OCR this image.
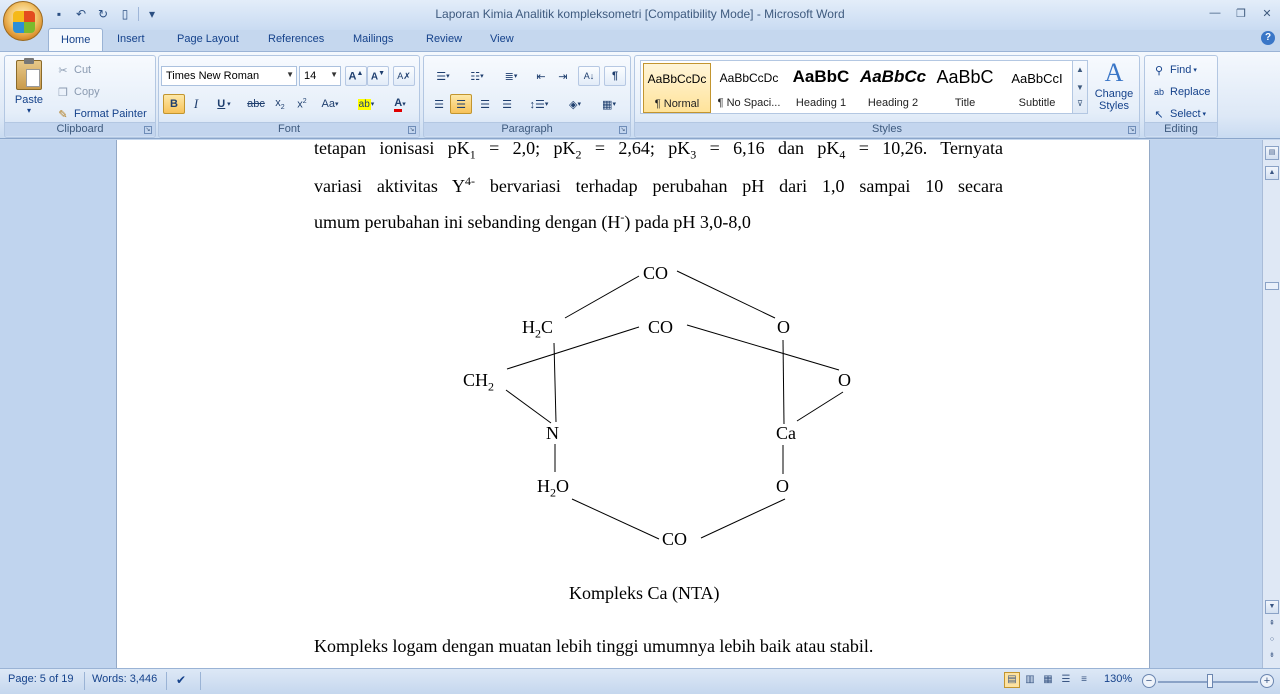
▪	↶ ↻	▯	▾	Laporan Kimia Analitik kompleksometri [Compatibility Mode] - Microsoft Word	—	❐	✕
Home	Insert	Page Layout	References	Mailings	Review	View	?
Paste
▾
✂ Cut
❐ Copy
✎ Format Painter
Clipboard	↘
Times New Roman	▼ 14 ▼ A▲ A▼ A✗
B I U ▾ abc $x_2$ $x^2$ Aa ▾ ab ▾ A ▾
Font	↘
☰ ▾ ☷ ▾ ≣ ▾ ⇤ ⇥ A↓ ¶
☰ ☰ ☰ ☰ ↕☰ ▾ ◈ ▾ ▦ ▾
Paragraph	↘	Styles	↘
AaBbCcDc
¶ Normal
AaBbCcDc
¶ No Spaci...
AaBbC
Heading 1
AaBbCc
Heading 2
AaBbC
Title
AaBbCcI
Subtitle
▲
▼
⊽
A
Change Styles
⚲ Find ▾
ab Replace
↖ Select ▾
Editing
tetapan ionisasi $pK_1 = 2,0$; $pK_2 = 2,64$; $pK_3 = 6,16$ dan $pK_4 = 10,26$. Ternyata
variasi aktivitas $Y^{4-}$ bervariasi terhadap perubahan pH dari 1,0 sampai 10 secara
umum perubahan ini sebanding dengan (H-) pada pH 3,0-8,0
CO
$H_2C$	CO	O
$CH_2$	O
N	Ca
$H_2O$	O
CO
Kompleks Ca (NTA)
Kompleks logam dengan muatan lebih tinggi umumnya lebih baik atau stabil.
▤
▲
▼
⇞
○
⇟
Page: 5 of 19 Words: 3,446 ✔	▤ ▥ ▦ ☰	≡	130%	−	+
